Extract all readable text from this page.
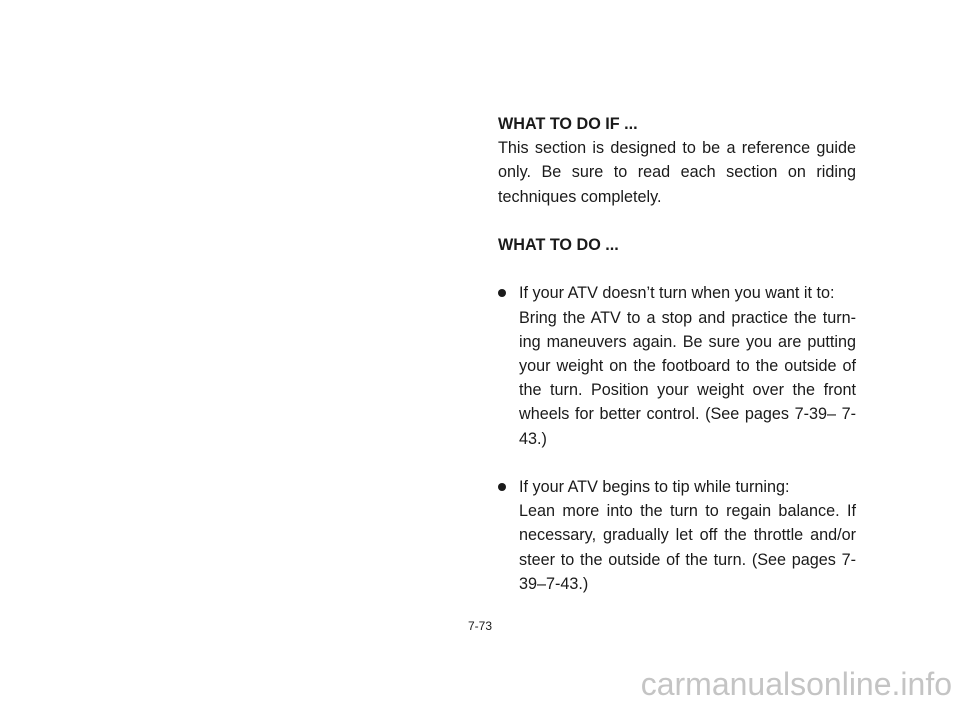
WHAT TO DO IF ...

This section is designed to be a reference guide only. Be sure to read each section on riding techniques completely.

WHAT TO DO ...

If your ATV doesn’t turn when you want it to:

Bring the ATV to a stop and practice the turn-ing maneuvers again. Be sure you are putting your weight on the footboard to the outside of the turn. Position your weight over the front wheels for better control. (See pages 7-39– 7-43.)

If your ATV begins to tip while turning:

Lean more into the turn to regain balance. If necessary, gradually let off the throttle and/or steer to the outside of the turn. (See pages 7-39–7-43.)

7-73
carmanualsonline.info
